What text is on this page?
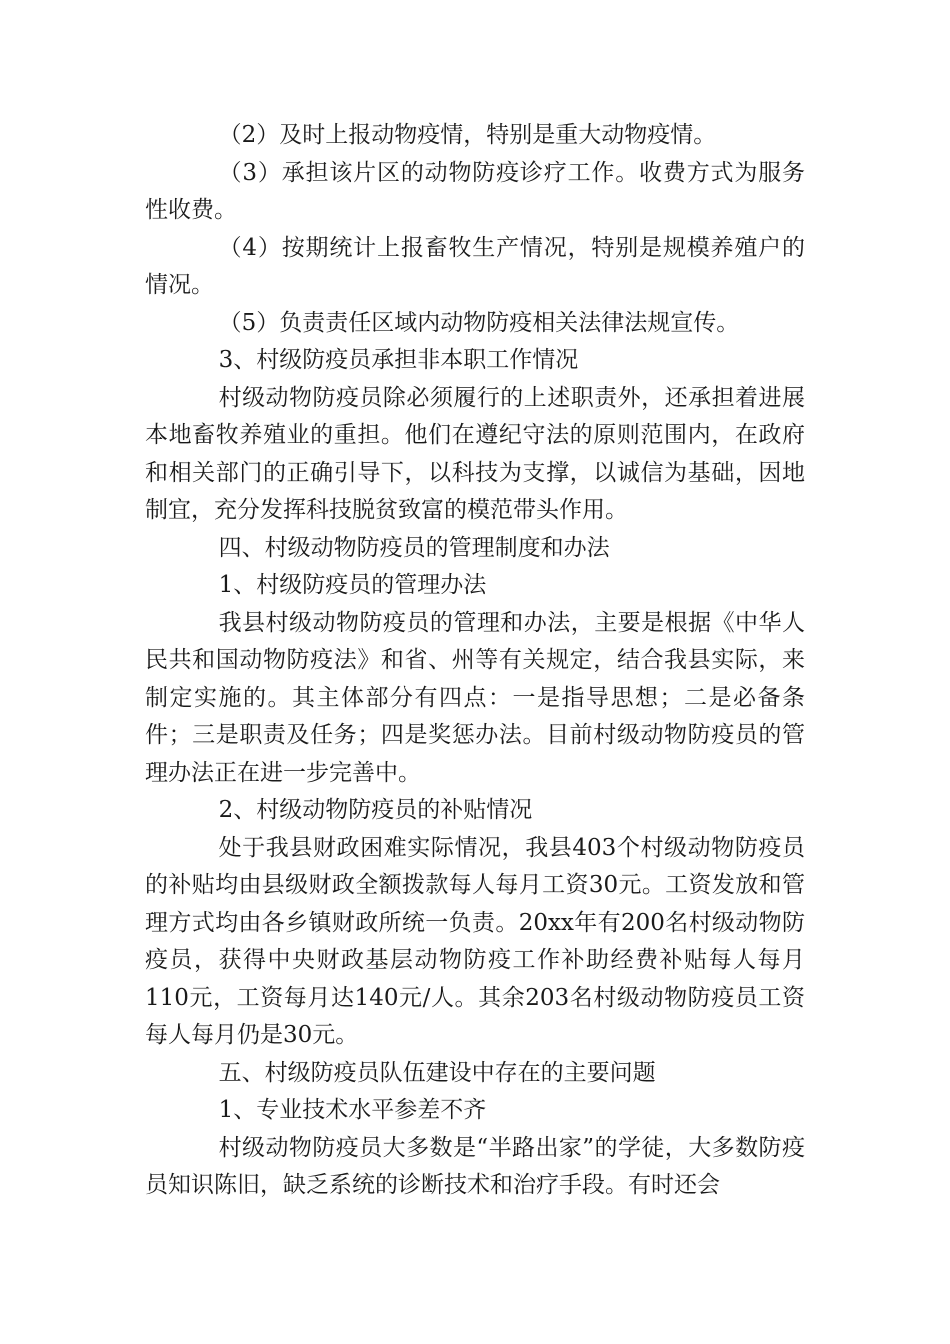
（2）及时上报动物疫情，特别是重大动物疫情。

（3）承担该片区的动物防疫诊疗工作。收费方式为服务性收费。

（4）按期统计上报畜牧生产情况，特别是规模养殖户的情况。

（5）负责责任区域内动物防疫相关法律法规宣传。

3、村级防疫员承担非本职工作情况

村级动物防疫员除必须履行的上述职责外，还承担着进展本地畜牧养殖业的重担。他们在遵纪守法的原则范围内，在政府和相关部门的正确引导下，以科技为支撑，以诚信为基础，因地制宜，充分发挥科技脱贫致富的模范带头作用。

四、村级动物防疫员的管理制度和办法

1、村级防疫员的管理办法

我县村级动物防疫员的管理和办法，主要是根据《中华人民共和国动物防疫法》和省、州等有关规定，结合我县实际，来制定实施的。其主体部分有四点：一是指导思想；二是必备条件；三是职责及任务；四是奖惩办法。目前村级动物防疫员的管理办法正在进一步完善中。

2、村级动物防疫员的补贴情况

处于我县财政困难实际情况，我县403个村级动物防疫员的补贴均由县级财政全额拨款每人每月工资30元。工资发放和管理方式均由各乡镇财政所统一负责。20xx年有200名村级动物防疫员，获得中央财政基层动物防疫工作补助经费补贴每人每月110元，工资每月达140元/人。其余203名村级动物防疫员工资每人每月仍是30元。

五、村级防疫员队伍建设中存在的主要问题

1、专业技术水平参差不齐

村级动物防疫员大多数是“半路出家”的学徒，大多数防疫员知识陈旧，缺乏系统的诊断技术和治疗手段。有时还会
